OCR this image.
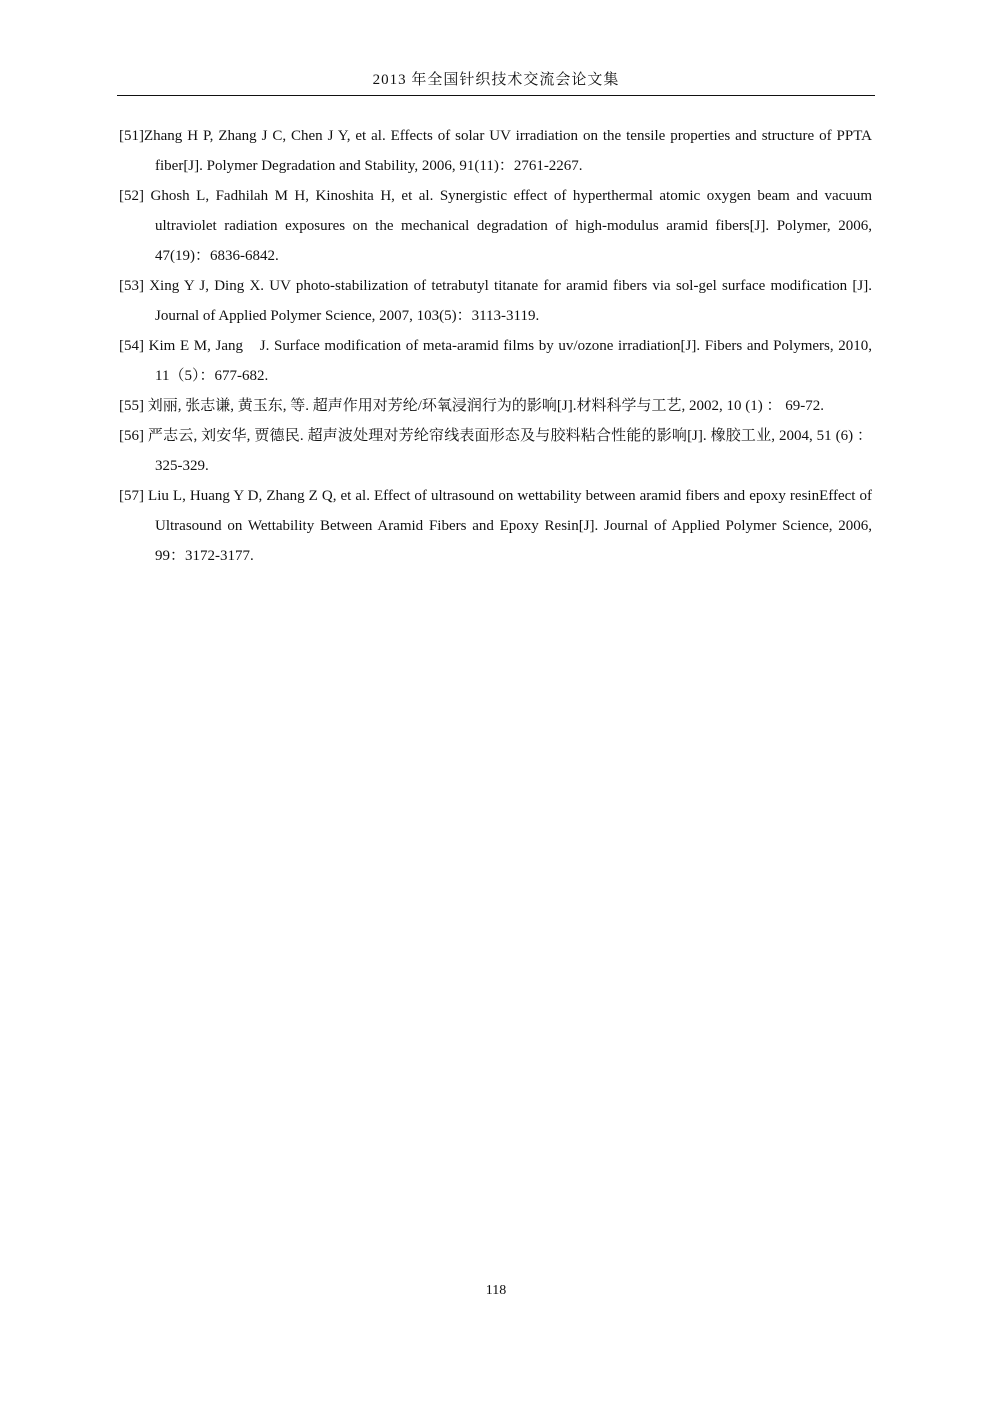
2013 年全国针织技术交流会论文集

[51]Zhang H P, Zhang J C, Chen J Y, et al. Effects of solar UV irradiation on the tensile properties and structure of PPTA fiber[J]. Polymer Degradation and Stability, 2006, 91(11)：2761-2267.

[52] Ghosh L, Fadhilah M H, Kinoshita H, et al. Synergistic effect of hyperthermal atomic oxygen beam and vacuum ultraviolet radiation exposures on the mechanical degradation of high-modulus aramid fibers[J]. Polymer, 2006, 47(19)：6836-6842.

[53] Xing Y J, Ding X. UV photo-stabilization of tetrabutyl titanate for aramid fibers via sol-gel surface modification [J]. Journal of Applied Polymer Science, 2007, 103(5)：3113-3119.

[54] Kim E M, Jang　J. Surface modification of meta-aramid films by uv/ozone irradiation[J]. Fibers and Polymers, 2010, 11（5）：677-682.

[55] 刘丽, 张志谦, 黄玉东, 等. 超声作用对芳纶/环氧浸润行为的影响[J].材料科学与工艺, 2002, 10 (1) ： 69-72.

[56] 严志云, 刘安华, 贾德民. 超声波处理对芳纶帘线表面形态及与胶料粘合性能的影响[J]. 橡胶工业, 2004, 51 (6) ： 325-329.

[57] Liu L, Huang Y D, Zhang Z Q, et al. Effect of ultrasound on wettability between aramid fibers and epoxy resinEffect of Ultrasound on Wettability Between Aramid Fibers and Epoxy Resin[J]. Journal of Applied Polymer Science, 2006, 99：3172-3177.

118
